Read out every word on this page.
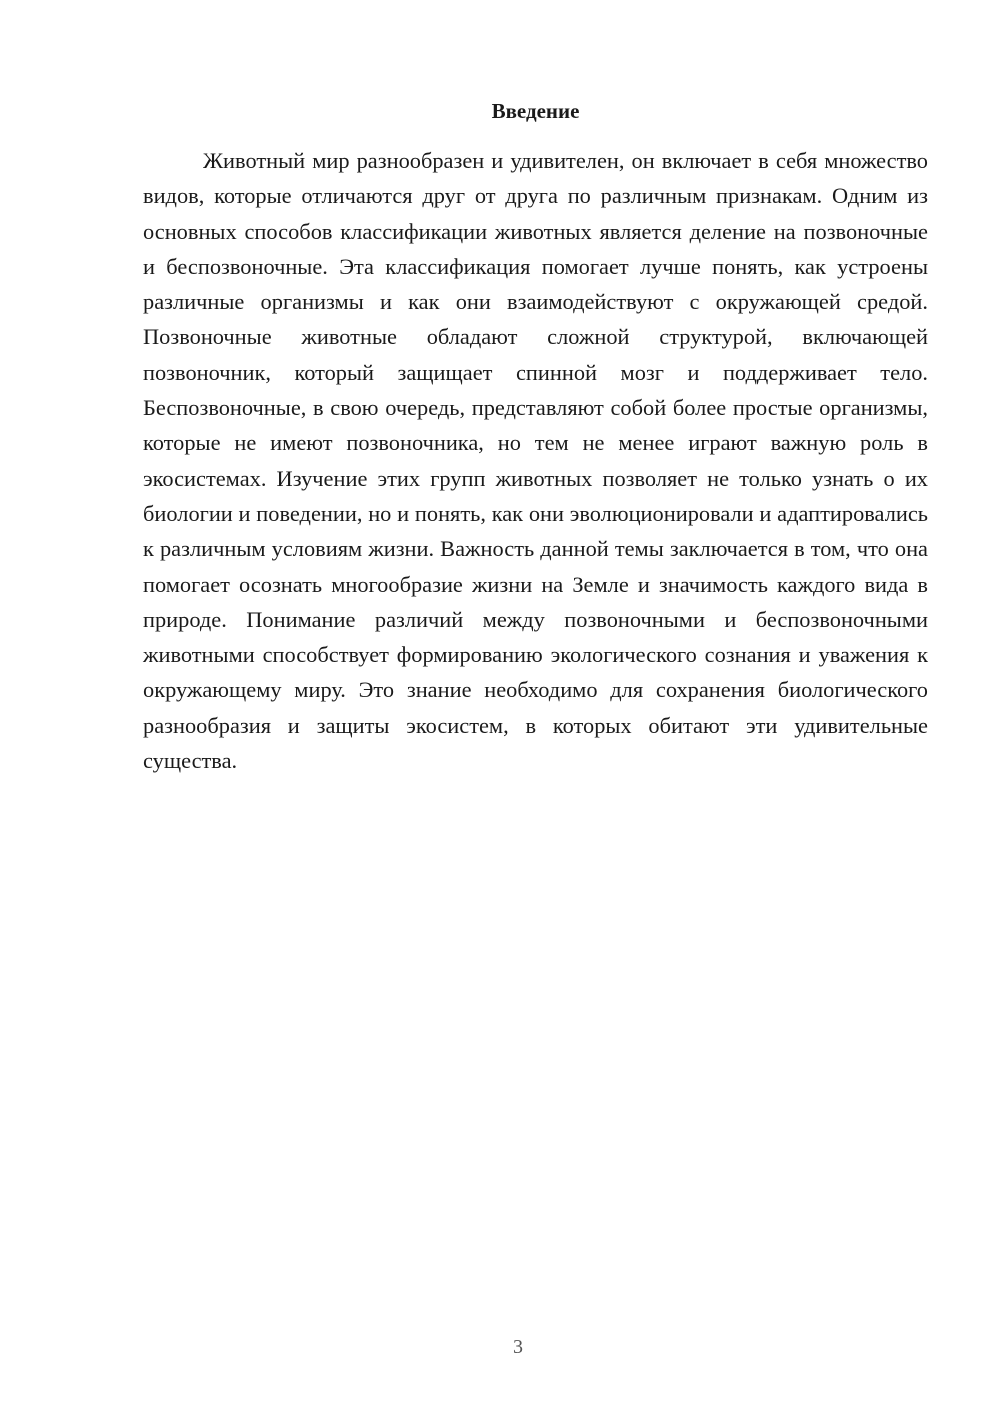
Введение

Животный мир разнообразен и удивителен, он включает в себя множество видов, которые отличаются друг от друга по различным признакам. Одним из основных способов классификации животных является деление на позвоночные и беспозвоночные. Эта классификация помогает лучше понять, как устроены различные организмы и как они взаимодействуют с окружающей средой. Позвоночные животные обладают сложной структурой, включающей позвоночник, который защищает спинной мозг и поддерживает тело. Беспозвоночные, в свою очередь, представляют собой более простые организмы, которые не имеют позвоночника, но тем не менее играют важную роль в экосистемах. Изучение этих групп животных позволяет не только узнать о их биологии и поведении, но и понять, как они эволюционировали и адаптировались к различным условиям жизни. Важность данной темы заключается в том, что она помогает осознать многообразие жизни на Земле и значимость каждого вида в природе. Понимание различий между позвоночными и беспозвоночными животными способствует формированию экологического сознания и уважения к окружающему миру. Это знание необходимо для сохранения биологического разнообразия и защиты экосистем, в которых обитают эти удивительные существа.

3
